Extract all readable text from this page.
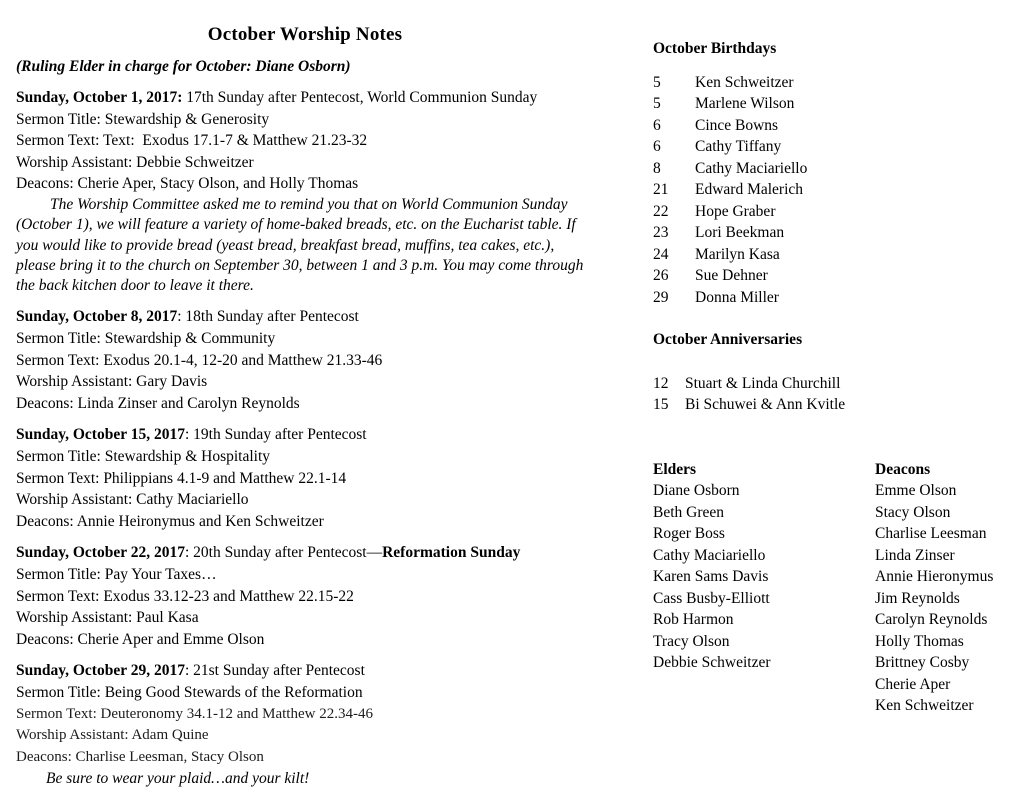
October Worship Notes
(Ruling Elder in charge for October: Diane Osborn)
Sunday, October 1, 2017: 17th Sunday after Pentecost, World Communion Sunday
Sermon Title: Stewardship & Generosity
Sermon Text: Text:  Exodus 17.1-7 & Matthew 21.23-32
Worship Assistant: Debbie Schweitzer
Deacons: Cherie Aper, Stacy Olson, and Holly Thomas
The Worship Committee asked me to remind you that on World Communion Sunday
(October 1), we will feature a variety of home-baked breads, etc. on the Eucharist table. If
you would like to provide bread (yeast bread, breakfast bread, muffins, tea cakes, etc.),
please bring it to the church on September 30, between 1 and 3 p.m. You may come through
the back kitchen door to leave it there.
Sunday, October 8, 2017: 18th Sunday after Pentecost
Sermon Title: Stewardship & Community
Sermon Text: Exodus 20.1-4, 12-20 and Matthew 21.33-46
Worship Assistant: Gary Davis
Deacons: Linda Zinser and Carolyn Reynolds
Sunday, October 15, 2017: 19th Sunday after Pentecost
Sermon Title: Stewardship & Hospitality
Sermon Text: Philippians 4.1-9 and Matthew 22.1-14
Worship Assistant: Cathy Maciariello
Deacons: Annie Heironymus and Ken Schweitzer
Sunday, October 22, 2017: 20th Sunday after Pentecost—Reformation Sunday
Sermon Title: Pay Your Taxes…
Sermon Text: Exodus 33.12-23 and Matthew 22.15-22
Worship Assistant: Paul Kasa
Deacons: Cherie Aper and Emme Olson
Sunday, October 29, 2017: 21st Sunday after Pentecost
Sermon Title: Being Good Stewards of the Reformation
Sermon Text: Deuteronomy 34.1-12 and Matthew 22.34-46
Worship Assistant: Adam Quine
Deacons: Charlise Leesman, Stacy Olson
Be sure to wear your plaid…and your kilt!
October Birthdays
5	Ken Schweitzer
5	Marlene Wilson
6	Cince Bowns
6	Cathy Tiffany
8	Cathy Maciariello
21	Edward Malerich
22	Hope Graber
23	Lori Beekman
24	Marilyn Kasa
26	Sue Dehner
29	Donna Miller
October Anniversaries
12	Stuart & Linda Churchill
15	Bi Schuwei & Ann Kvitle
Elders
Diane Osborn
Beth Green
Roger Boss
Cathy Maciariello
Karen Sams Davis
Cass Busby-Elliott
Rob Harmon
Tracy Olson
Debbie Schweitzer
Deacons
Emme Olson
Stacy Olson
Charlise Leesman
Linda Zinser
Annie Hieronymus
Jim Reynolds
Carolyn Reynolds
Holly Thomas
Brittney Cosby
Cherie Aper
Ken Schweitzer
